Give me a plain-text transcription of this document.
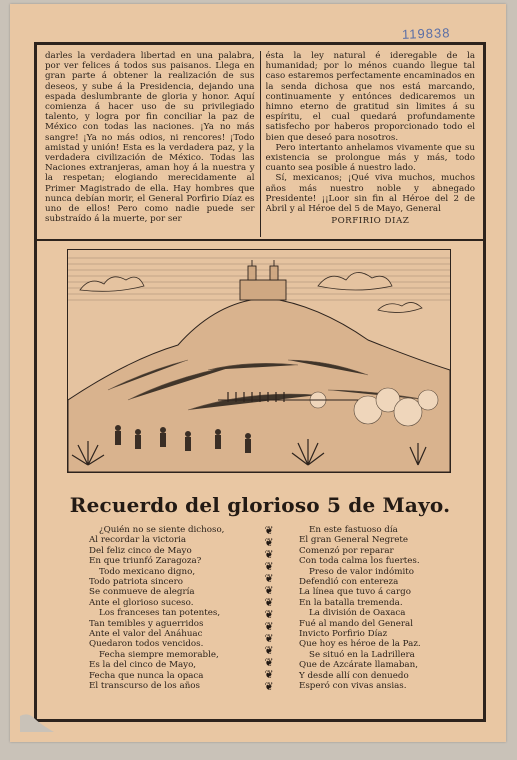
119838

darles la verdadera libertad en una palabra, por ver felices á todos sus paisanos. Llega en gran parte á obtener la realización de sus deseos, y sube á la Presidencia, dejando una espada deslumbrante de gloria y honor. Aquí comienza á hacer uso de su privilegiado talento, y logra por fin conciliar la paz de México con todas las naciones. ¡Ya no más sangre! ¡Ya no más odios, ni rencores! ¡Todo amistad y unión! Esta es la verdadera paz, y la verdadera civilización de México. Todas las Naciones extranjeras, aman hoy á la nuestra y la respetan; elogiando merecidamente al Primer Magistrado de ella. Hay hombres que nunca debían morir, el General Porfirio Díaz es uno de ellos! Pero como nadie puede ser substraído á la muerte, por ser

ésta la ley natural é ideregable de la humanidad; por lo ménos cuando llegue tal caso estaremos perfectamente encaminados en la senda dichosa que nos está marcando, continuamente y entónces dedicaremos un himno eterno de gratitud sin limites á su espíritu, el cual quedará profundamente satisfecho por haberos proporcionado todo el bien que deseó para nosotros.

Pero intertanto anhelamos vivamente que su existencia se prolongue más y más, todo cuanto sea posible á nuestro lado.

Sí, mexicanos; ¡Qué viva muchos, muchos años más nuestro noble y abnegado Presidente! ¡¡Loor sin fin al Héroe del 2 de Abril y al Héroe del 5 de Mayo, General

PORFIRIO DIAZ
Recuerdo del glorioso 5 de Mayo.
¿Quién no se siente dichoso,
Al recordar la victoria
Del feliz cinco de Mayo
En que triunfó Zaragoza?
Todo mexicano digno,
Todo patriota sincero
Se conmueve de alegría
Ante el glorioso suceso.
Los franceses tan potentes,
Tan temibles y aguerridos
Ante el valor del Anáhuac
Quedaron todos vencidos.
Fecha siempre memorable,
Es la del cinco de Mayo,
Fecha que nunca la opaca
El transcurso de los años
❦
❦
❦
❦
❦
❦
❦
❦
❦
❦
❦
❦
❦
❦
En este fastuoso día
El gran General Negrete
Comenzó por reparar
Con toda calma los fuertes.
Preso de valor indómito
Defendió con entereza
La línea que tuvo á cargo
En la batalla tremenda.
La división de Oaxaca
Fué al mando del General
Invicto Porfirio Díaz
Que hoy es héroe de la Paz.
Se situó en la Ladrillera
Que de Azcárate llamaban,
Y desde allí con denuedo
Esperó con vivas ansias.
